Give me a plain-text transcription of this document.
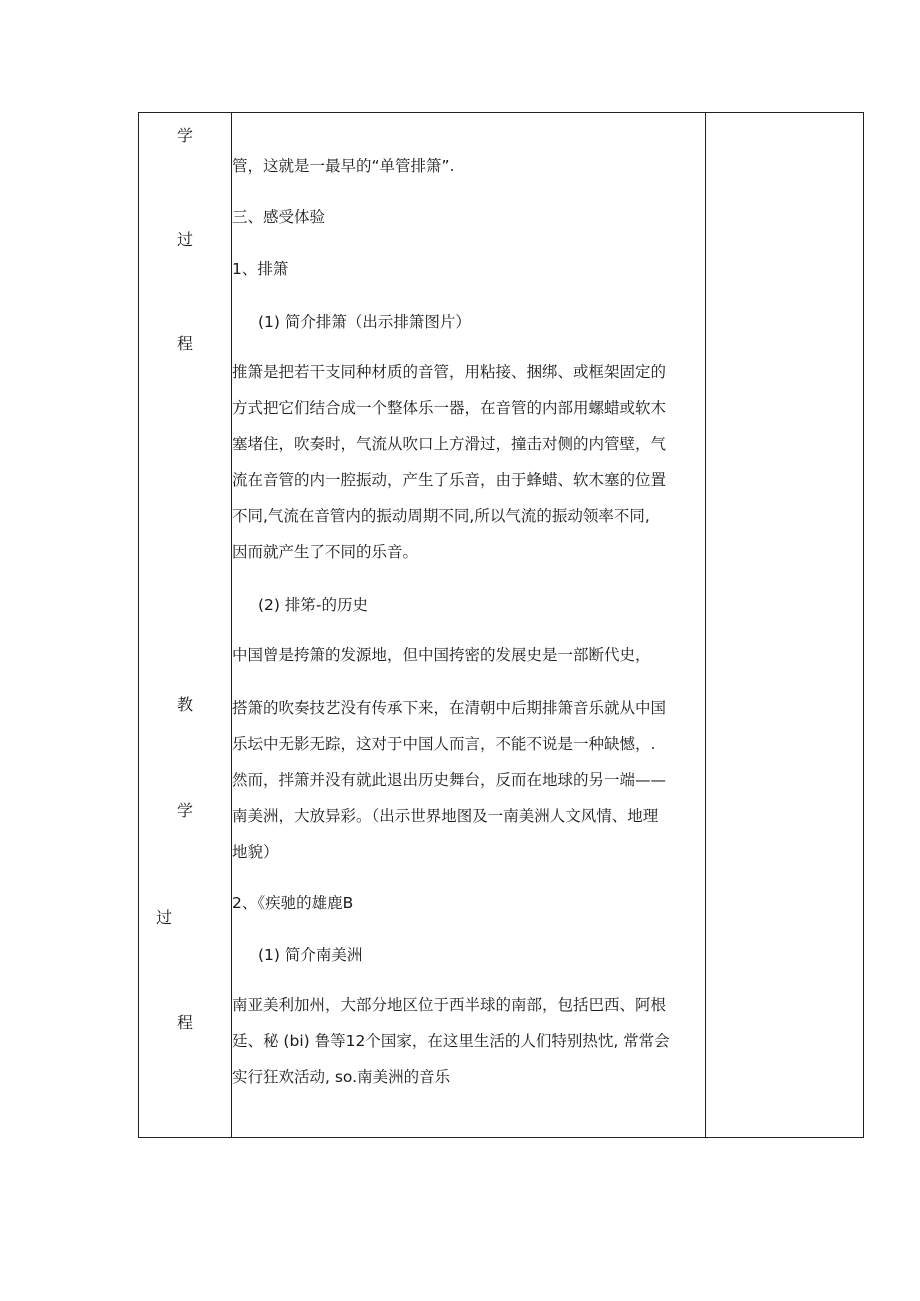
学
过
程
教
学
过
程
管，这就是一最早的“单管排箫”.
三、感受体验
1、排箫
(1) 简介排箫（出示排箫图片）
推箫是把若干支同种材质的音管，用粘接、捆绑、或框架固定的
方式把它们结合成一个整体乐一器，在音管的内部用螺蜡或软木
塞堵住，吹奏时，气流从吹口上方滑过，撞击对侧的内管壁，气
流在音管的内一腔振动，产生了乐音，由于蜂蜡、软木塞的位置
不同,气流在音管内的振动周期不同,所以气流的振动领率不同,
因而就产生了不同的乐音。
(2) 排笫-的历史
中国曾是挎箫的发源地，但中国挎密的发展史是一部断代史，
搭箫的吹奏技艺没有传承下来，在清朝中后期排箫音乐就从中国
乐坛中无影无踪，这对于中国人而言，不能不说是一种缺憾，.
然而，拌箫并没有就此退出历史舞台，反而在地球的另一端——
南美洲，大放异彩。（出示世界地图及一南美洲人文风情、地理
地貌）
2、《疾驰的雄鹿B
(1) 简介南美洲
南亚美利加州，大部分地区位于西半球的南部，包括巴西、阿根
廷、秘 (bi) 鲁等12个国家，在这里生活的人们特别热忱, 常常会
实行狂欢活动, so.南美洲的音乐
